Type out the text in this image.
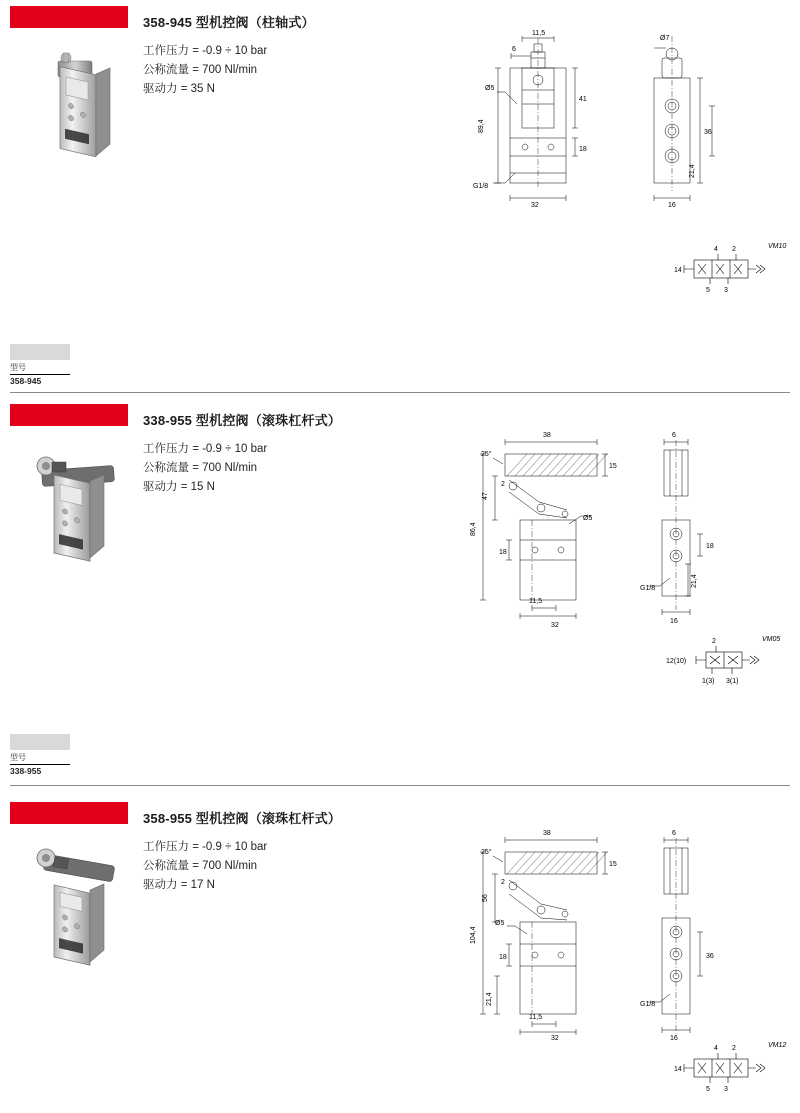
358-945 型机控阀（柱轴式）
工作压力 = -0.9 ÷ 10 bar
公称流量 = 700 Nl/min
驱动力 = 35 N
11,5
6
Ø5
89,4
41
18
32
G1/8
Ø7
36
21,4
16
4 2
5 3
14
VM10
型号
358-945
338-955 型机控阀（滚珠杠杆式）
工作压力 = -0.9 ÷ 10 bar
公称流量 = 700 Nl/min
驱动力 = 15 N
38
25°
2
15
47
86,4
18
Ø5
32
11,5
6
18
21,4
16
G1/8
2
12(10)
1(3) 3(1)
VM05
型号
338-955
358-955 型机控阀（滚珠杠杆式）
工作压力 = -0.9 ÷ 10 bar
公称流量 = 700 Nl/min
驱动力 = 17 N
38
25°
2
15
56
104,4
18
21,4
Ø5
32
11,5
6
36
16
G1/8
4 2
5 3
14
VM12
